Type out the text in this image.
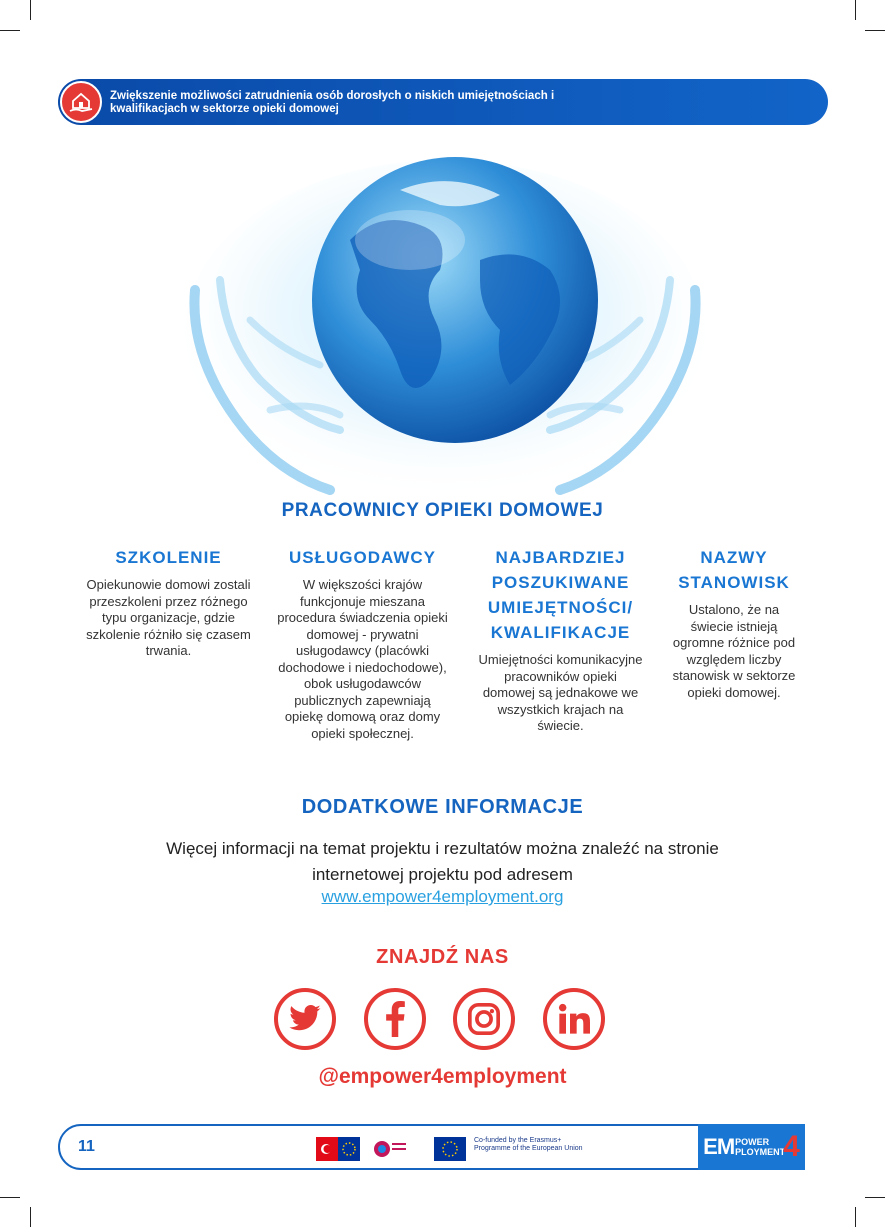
Zwiększenie możliwości zatrudnienia osób dorosłych o niskich umiejętnościach i kwalifikacjach w sektorze opieki domowej
PRACOWNICY OPIEKI DOMOWEJ
SZKOLENIE

Opiekunowie domowi zostali przeszkoleni przez różnego typu organizacje, gdzie szkolenie różniło się czasem trwania.

USŁUGODAWCY

W większości krajów funkcjonuje mieszana procedura świadczenia opieki domowej - prywatni usługodawcy (placówki dochodowe i niedochodowe), obok usługodawców publicznych zapewniają opiekę domową oraz domy opieki społecznej.

NAJBARDZIEJ POSZUKIWANE UMIEJĘTNOŚCI/ KWALIFIKACJE

Umiejętności komunikacyjne pracowników opieki domowej są jednakowe we wszystkich krajach na świecie.

NAZWY STANOWISK

Ustalono, że na świecie istnieją ogromne różnice pod względem liczby stanowisk w sektorze opieki domowej.

DODATKOWE INFORMACJE
Więcej informacji na temat projektu i rezultatów można znaleźć na stronie internetowej projektu pod adresem
www.empower4employment.org
ZNAJDŹ NAS
@empower4employment
11	Co-funded by the Erasmus+ Programme of the European Union	EM POWER
PLOYMENT
4
